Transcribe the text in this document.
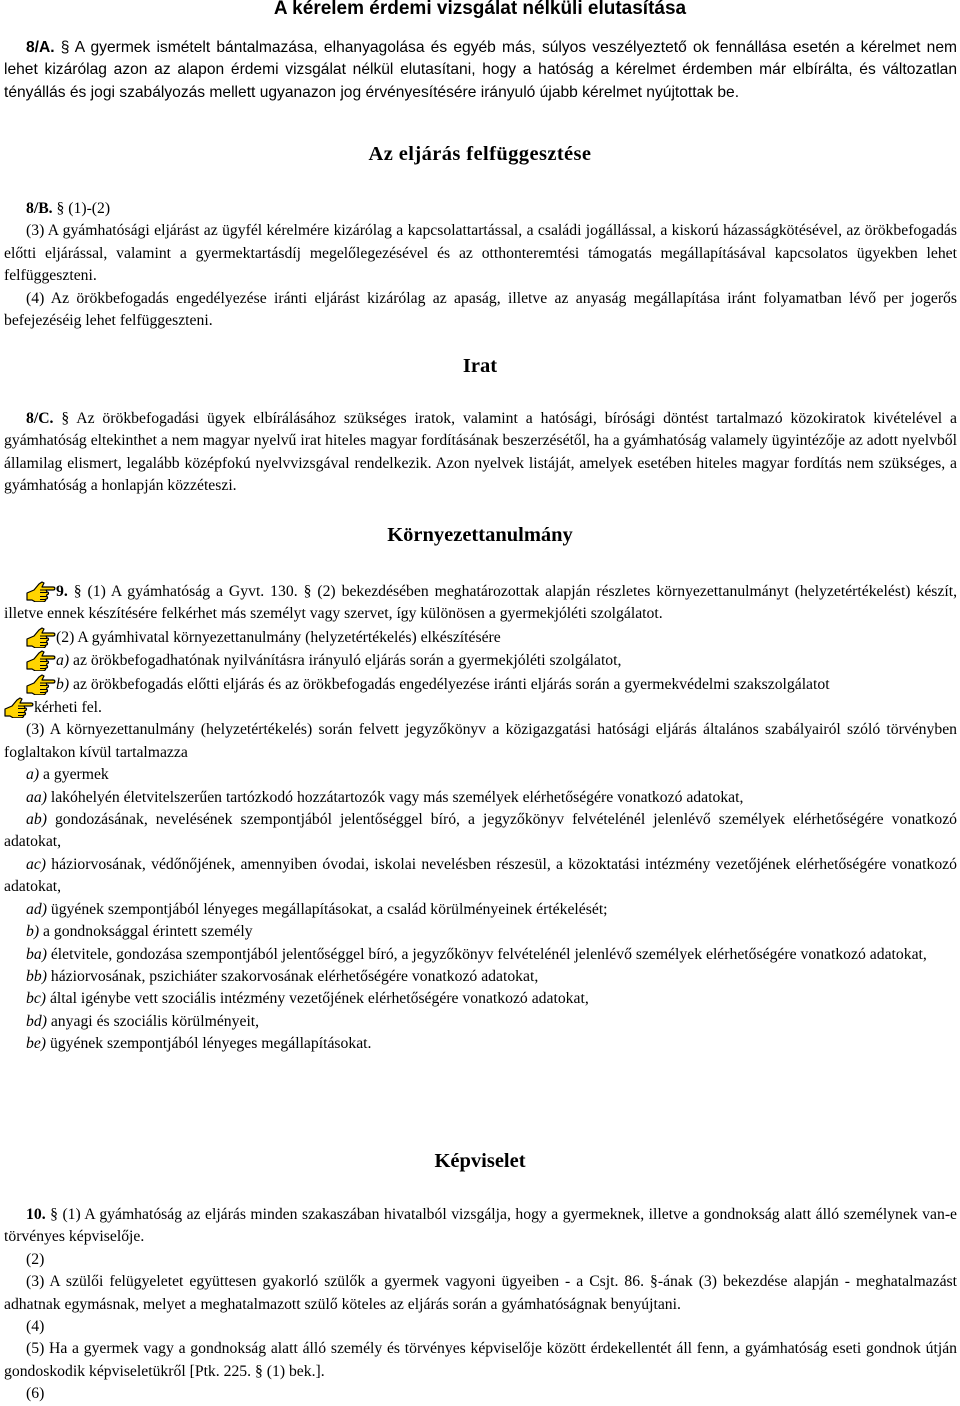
A kérelem érdemi vizsgálat nélküli elutasítása
8/A. § A gyermek ismételt bántalmazása, elhanyagolása és egyéb más, súlyos veszélyeztető ok fennállása esetén a kérelmet nem lehet kizárólag azon az alapon érdemi vizsgálat nélkül elutasítani, hogy a hatóság a kérelmet érdemben már elbírálta, és változatlan tényállás és jogi szabályozás mellett ugyanazon jog érvényesítésére irányuló újabb kérelmet nyújtottak be.
Az eljárás felfüggesztése
8/B. § (1)-(2)
(3) A gyámhatósági eljárást az ügyfél kérelmére kizárólag a kapcsolattartással, a családi jogállással, a kiskorú házasságkötésével, az örökbefogadás előtti eljárással, valamint a gyermektartásdíj megelőlegezésével és az otthonteremtési támogatás megállapításával kapcsolatos ügyekben lehet felfüggeszteni.
(4) Az örökbefogadás engedélyezése iránti eljárást kizárólag az apaság, illetve az anyaság megállapítása iránt folyamatban lévő per jogerős befejezéséig lehet felfüggeszteni.
Irat
8/C. § Az örökbefogadási ügyek elbírálásához szükséges iratok, valamint a hatósági, bírósági döntést tartalmazó közokiratok kivételével a gyámhatóság eltekinthet a nem magyar nyelvű irat hiteles magyar fordításának beszerzésétől, ha a gyámhatóság valamely ügyintézője az adott nyelvből államilag elismert, legalább középfokú nyelvvizsgával rendelkezik. Azon nyelvek listáját, amelyek esetében hiteles magyar fordítás nem szükséges, a gyámhatóság a honlapján közzéteszi.
Környezettanulmány
9. § (1) A gyámhatóság a Gyvt. 130. § (2) bekezdésében meghatározottak alapján részletes környezettanulmányt (helyzetértékelést) készít, illetve ennek készítésére felkérhet más személyt vagy szervet, így különösen a gyermekjóléti szolgálatot.
(2) A gyámhivatal környezettanulmány (helyzetértékelés) elkészítésére
a) az örökbefogadhatónak nyilvánításra irányuló eljárás során a gyermekjóléti szolgálatot,
b) az örökbefogadás előtti eljárás és az örökbefogadás engedélyezése iránti eljárás során a gyermekvédelmi szakszolgálatot
kérheti fel.
(3) A környezettanulmány (helyzetértékelés) során felvett jegyzőkönyv a közigazgatási hatósági eljárás általános szabályairól szóló törvényben foglaltakon kívül tartalmazza
a) a gyermek
aa) lakóhelyén életvitelszerűen tartózkodó hozzátartozók vagy más személyek elérhetőségére vonatkozó adatokat,
ab) gondozásának, nevelésének szempontjából jelentőséggel bíró, a jegyzőkönyv felvételénél jelenlévő személyek elérhetőségére vonatkozó adatokat,
ac) háziorvosának, védőnőjének, amennyiben óvodai, iskolai nevelésben részesül, a közoktatási intézmény vezetőjének elérhetőségére vonatkozó adatokat,
ad) ügyének szempontjából lényeges megállapításokat, a család körülményeinek értékelését;
b) a gondnoksággal érintett személy
ba) életvitele, gondozása szempontjából jelentőséggel bíró, a jegyzőkönyv felvételénél jelenlévő személyek elérhetőségére vonatkozó adatokat,
bb) háziorvosának, pszichiáter szakorvosának elérhetőségére vonatkozó adatokat,
bc) által igénybe vett szociális intézmény vezetőjének elérhetőségére vonatkozó adatokat,
bd) anyagi és szociális körülményeit,
be) ügyének szempontjából lényeges megállapításokat.
Képviselet
10. § (1) A gyámhatóság az eljárás minden szakaszában hivatalból vizsgálja, hogy a gyermeknek, illetve a gondnokság alatt álló személynek van-e törvényes képviselője.
(2)
(3) A szülői felügyeletet együttesen gyakorló szülők a gyermek vagyoni ügyeiben - a Csjt. 86. §-ának (3) bekezdése alapján - meghatalmazást adhatnak egymásnak, melyet a meghatalmazott szülő köteles az eljárás során a gyámhatóságnak benyújtani.
(4)
(5) Ha a gyermek vagy a gondnokság alatt álló személy és törvényes képviselője között érdekellentét áll fenn, a gyámhatóság eseti gondnok útján gondoskodik képviseletükről [Ptk. 225. § (1) bek.].
(6)
